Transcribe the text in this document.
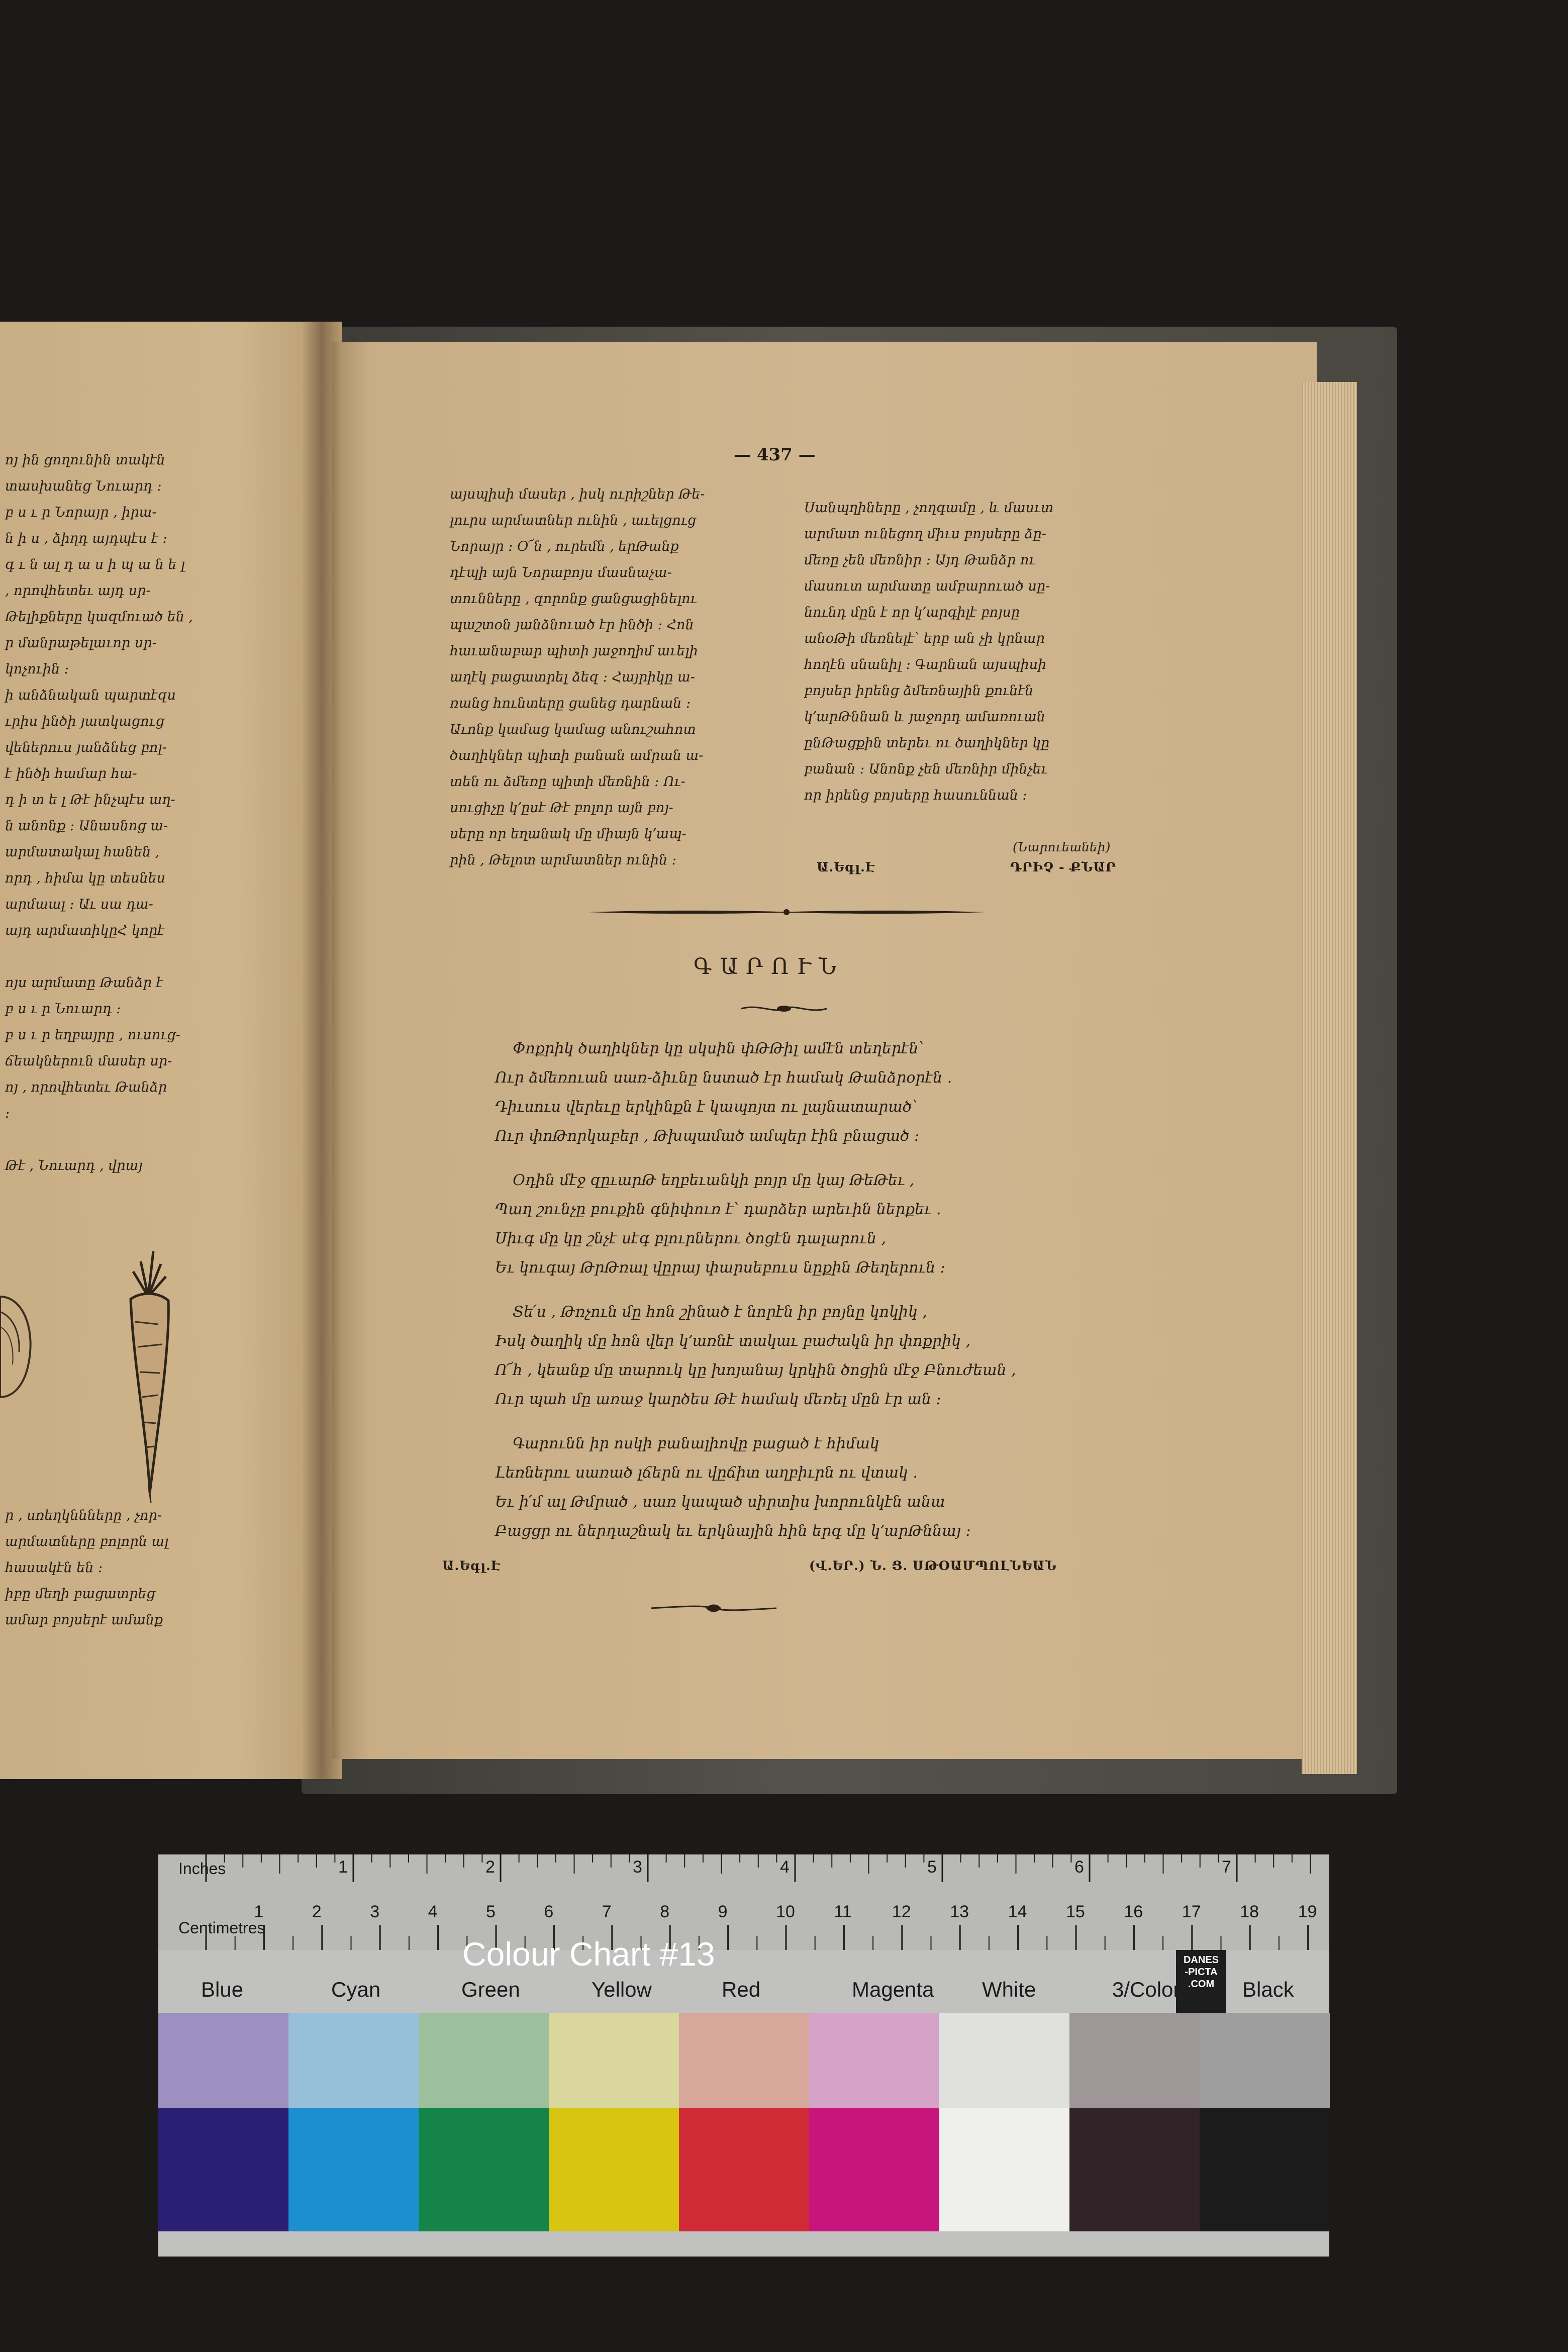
ոյ ին ցողունին տակէն
տասխանեց Նուարդ ։
բ ս ւ ր Նորայր , իրա-
ն ի ս , ձիղդ այդպէս է ։
գ ւ ն ալ դ ա ս ի պ ա ն ե լ
, որովհետեւ այդ սր-
Թելիքները կազմուած են ,
ր մանրաթելաւոր սր-
կոչուին ։
ի անձնական պարտէզս
ւրիս ինծի յատկացուց
վեներուս յանձնեց բոլ-
է ինծի համար հա-
դ ի տ ե լ Թէ ինչպէս աղ-
ն անոնք ։ Անասնոց ա-
արմատակալ հանեն ,
որդ , հիմա կը տեսնես
արմաալ ։ Աւ սա դա-
այդ արմատիկըՀ կոըէ

ոյս արմատը Թանձր է
բ ս ւ ր Նուարդ ։
բ ս ւ ր եղբայրը , ուսուց-
ճեակներուն մասեր սր-
ոյ , որովհետեւ Թանձր
։

Թէ , Նուարդ , վրայ
ր , սռեղկննները , չոր-
արմատները բոլորն ալ
հասակէն են ։
իբը մեղի բացատրեց
ամար բոյսերէ ամանք
— 437 —
այսպիսի մասեր , իսկ ուրիշներ Թե-
լուրս արմատներ ունին , աւելցուց
Նորայր ։ Օ՜ն , ուրեմն , երԹանք
դէպի այն Նորաբոյս մասնաչա-
տունները , զորոնք ցանցացինելու
պաշտօն յանձնուած էր ինծի ։ Հոն
հաւանաբար պիտի յաջողիմ աւելի
աղէկ բացատրել ձեզ ։ Հայրիկը ա-
ռանց հունտերը ցանեց դարնան ։
Աւոնք կամաց կամաց անուշահոտ
ծաղիկներ պիտի բանան ամրան ա-
տեն ու ձմեռը պիտի մեռնին ։ Ու-
սուցիչը կ՚ըսէ Թէ բոլոր այն բոյ-
սերը որ եղանակ մը միայն կ՚ապ-
րին , Թելոտ արմատներ ունին ։
Սանպղիները , չողգամը , և մասւտ
արմատ ունեցող միւս բոյսերը ձը-
մեռը չեն մեռնիր ։ Այդ Թանձր ու
մասուտ արմատը ամբարուած սը-
նունդ մըն է որ կ՚արգիլէ բոյսը
անօԹի մեռնելէ՝ երբ ան չի կրնար
հողէն սնանիլ ։ Գարնան այսպիսի
բոյսեր իրենց ձմեռնային քունէն
կ՚արԹննան և յաջորդ ամառուան
ընԹացքին տերեւ ու ծաղիկներ կը
բանան ։ Անոնք չեն մեռնիր մինչեւ
որ իրենց բոյսերը հասուննան ։
(Նարուեանեի)
Ա.Եգլ.Է	ԴՐԻՉ - ՔՆԱՐ
ԳԱՐՈՒՆ
Փոքրիկ ծաղիկներ կը սկսին փԹԹիլ ամէն տեղերէն՝
Ուր ձմեռուան սառ-ձիւնը նստած էր համակ Թանձրօրէն .
Դիւսուս վերեւը երկինքն է կապոյտ ու լայնատարած՝
Ուր փոԹորկաբեր , Թխպամած ամպեր էին բնացած :
Օդին մէջ զըւարԹ եղբեւանկի բոյր մը կայ ԹեԹեւ ,
Պաղ շունչը բուքին գնիփուռ է՝ դարձեր արեւին ներքեւ .
Սիւգ մը կը շնչէ սէգ բլուրներու ծոցէն դալարուն ,
Եւ կուգայ ԹրԹռալ վըրայ փարսեբուս նըքին Թեղերուն :
Տե՛ս , Թռչուն մը հոն շինած է նորէն իր բոյնը կոկիկ ,
Իսկ ծաղիկ մը հոն վեր կ՚առնէ տակաւ բաժակն իր փոքրիկ ,
Ո՜հ , կեանք մը տարուկ կը խոյանայ կրկին ծոցին մէջ Բնուժեան ,
Ուր պահ մը առաջ կարծես Թէ համակ մեռել մըն էր ան :
Գարունն իր ոսկի բանալիովը բացած է հիմակ
Լեռներու սառած լճերն ու վըճիտ աղբիւրն ու վտակ .
Եւ ի՛մ ալ Թմրած , սառ կապած սիրտիս խորունկէն անա
Բացցր ու ներդաշնակ եւ երկնային հին երգ մը կ՚արԹննայ :
Ա.Եգլ.Է	(Վ.ԵՐ.) Ն. Ց. ՍԹՕԱՄՊՈԼՆԵԱՆ
Inches
Centimetres
1	2	3	4	5	6	7	8
1	2	3	4	5	6	7	8	9	10 11 12 13 14 15 16 17 18 19
Colour Chart #13	DANES
-PICTA
.COM
Blue	Cyan	Green	Yellow	Red	Magenta White	3/Color	Black
